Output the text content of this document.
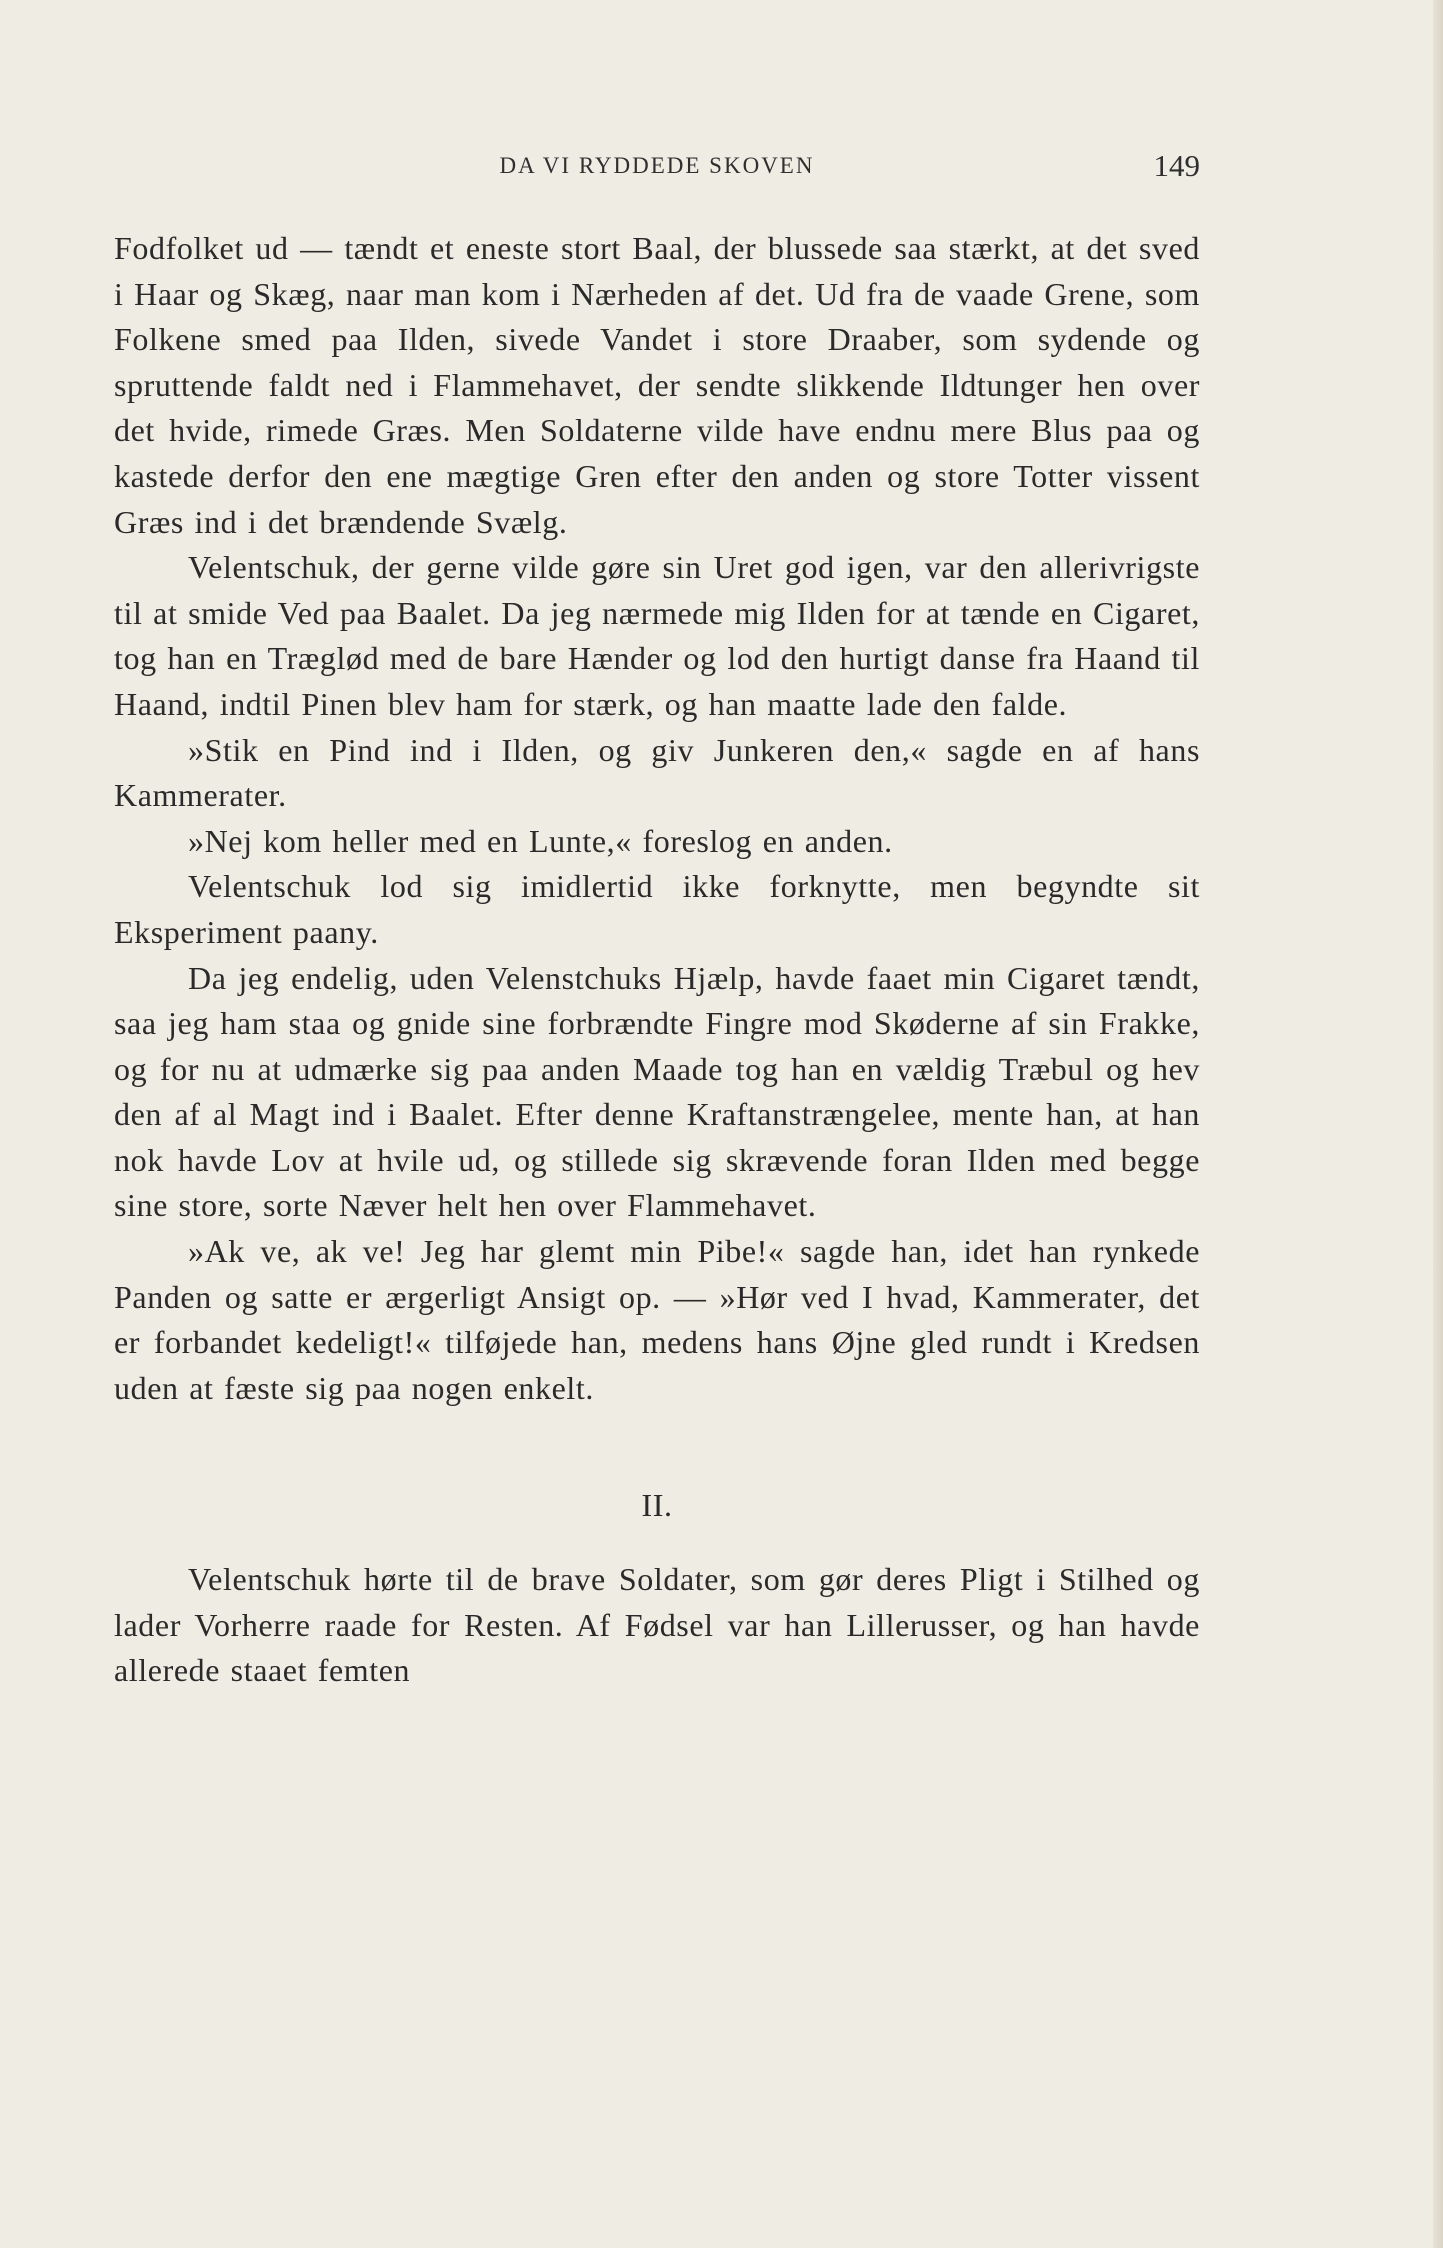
DA VI RYDDEDE SKOVEN	149

Fodfolket ud — tændt et eneste stort Baal, der blussede saa stærkt, at det sved i Haar og Skæg, naar man kom i Nærheden af det. Ud fra de vaade Grene, som Folkene smed paa Ilden, sivede Vandet i store Draaber, som sydende og spruttende faldt ned i Flammehavet, der sendte slikkende Ildtunger hen over det hvide, rimede Græs. Men Soldaterne vilde have endnu mere Blus paa og kastede derfor den ene mægtige Gren efter den anden og store Totter vissent Græs ind i det brændende Svælg.

Velentschuk, der gerne vilde gøre sin Uret god igen, var den allerivrigste til at smide Ved paa Baalet. Da jeg nærmede mig Ilden for at tænde en Cigaret, tog han en Træglød med de bare Hænder og lod den hurtigt danse fra Haand til Haand, indtil Pinen blev ham for stærk, og han maatte lade den falde.

»Stik en Pind ind i Ilden, og giv Junkeren den,« sagde en af hans Kammerater.

»Nej kom heller med en Lunte,« foreslog en anden.

Velentschuk lod sig imidlertid ikke forknytte, men begyndte sit Eksperiment paany.

Da jeg endelig, uden Velenstchuks Hjælp, havde faaet min Cigaret tændt, saa jeg ham staa og gnide sine forbrændte Fingre mod Skøderne af sin Frakke, og for nu at udmærke sig paa anden Maade tog han en vældig Træbul og hev den af al Magt ind i Baalet. Efter denne Kraftanstrængelee, mente han, at han nok havde Lov at hvile ud, og stillede sig skrævende foran Ilden med begge sine store, sorte Næver helt hen over Flammehavet.

»Ak ve, ak ve! Jeg har glemt min Pibe!« sagde han, idet han rynkede Panden og satte er ærgerligt Ansigt op. — »Hør ved I hvad, Kammerater, det er forbandet kedeligt!« tilføjede han, medens hans Øjne gled rundt i Kredsen uden at fæste sig paa nogen enkelt.

II.

Velentschuk hørte til de brave Soldater, som gør deres Pligt i Stilhed og lader Vorherre raade for Resten. Af Fødsel var han Lillerusser, og han havde allerede staaet femten
